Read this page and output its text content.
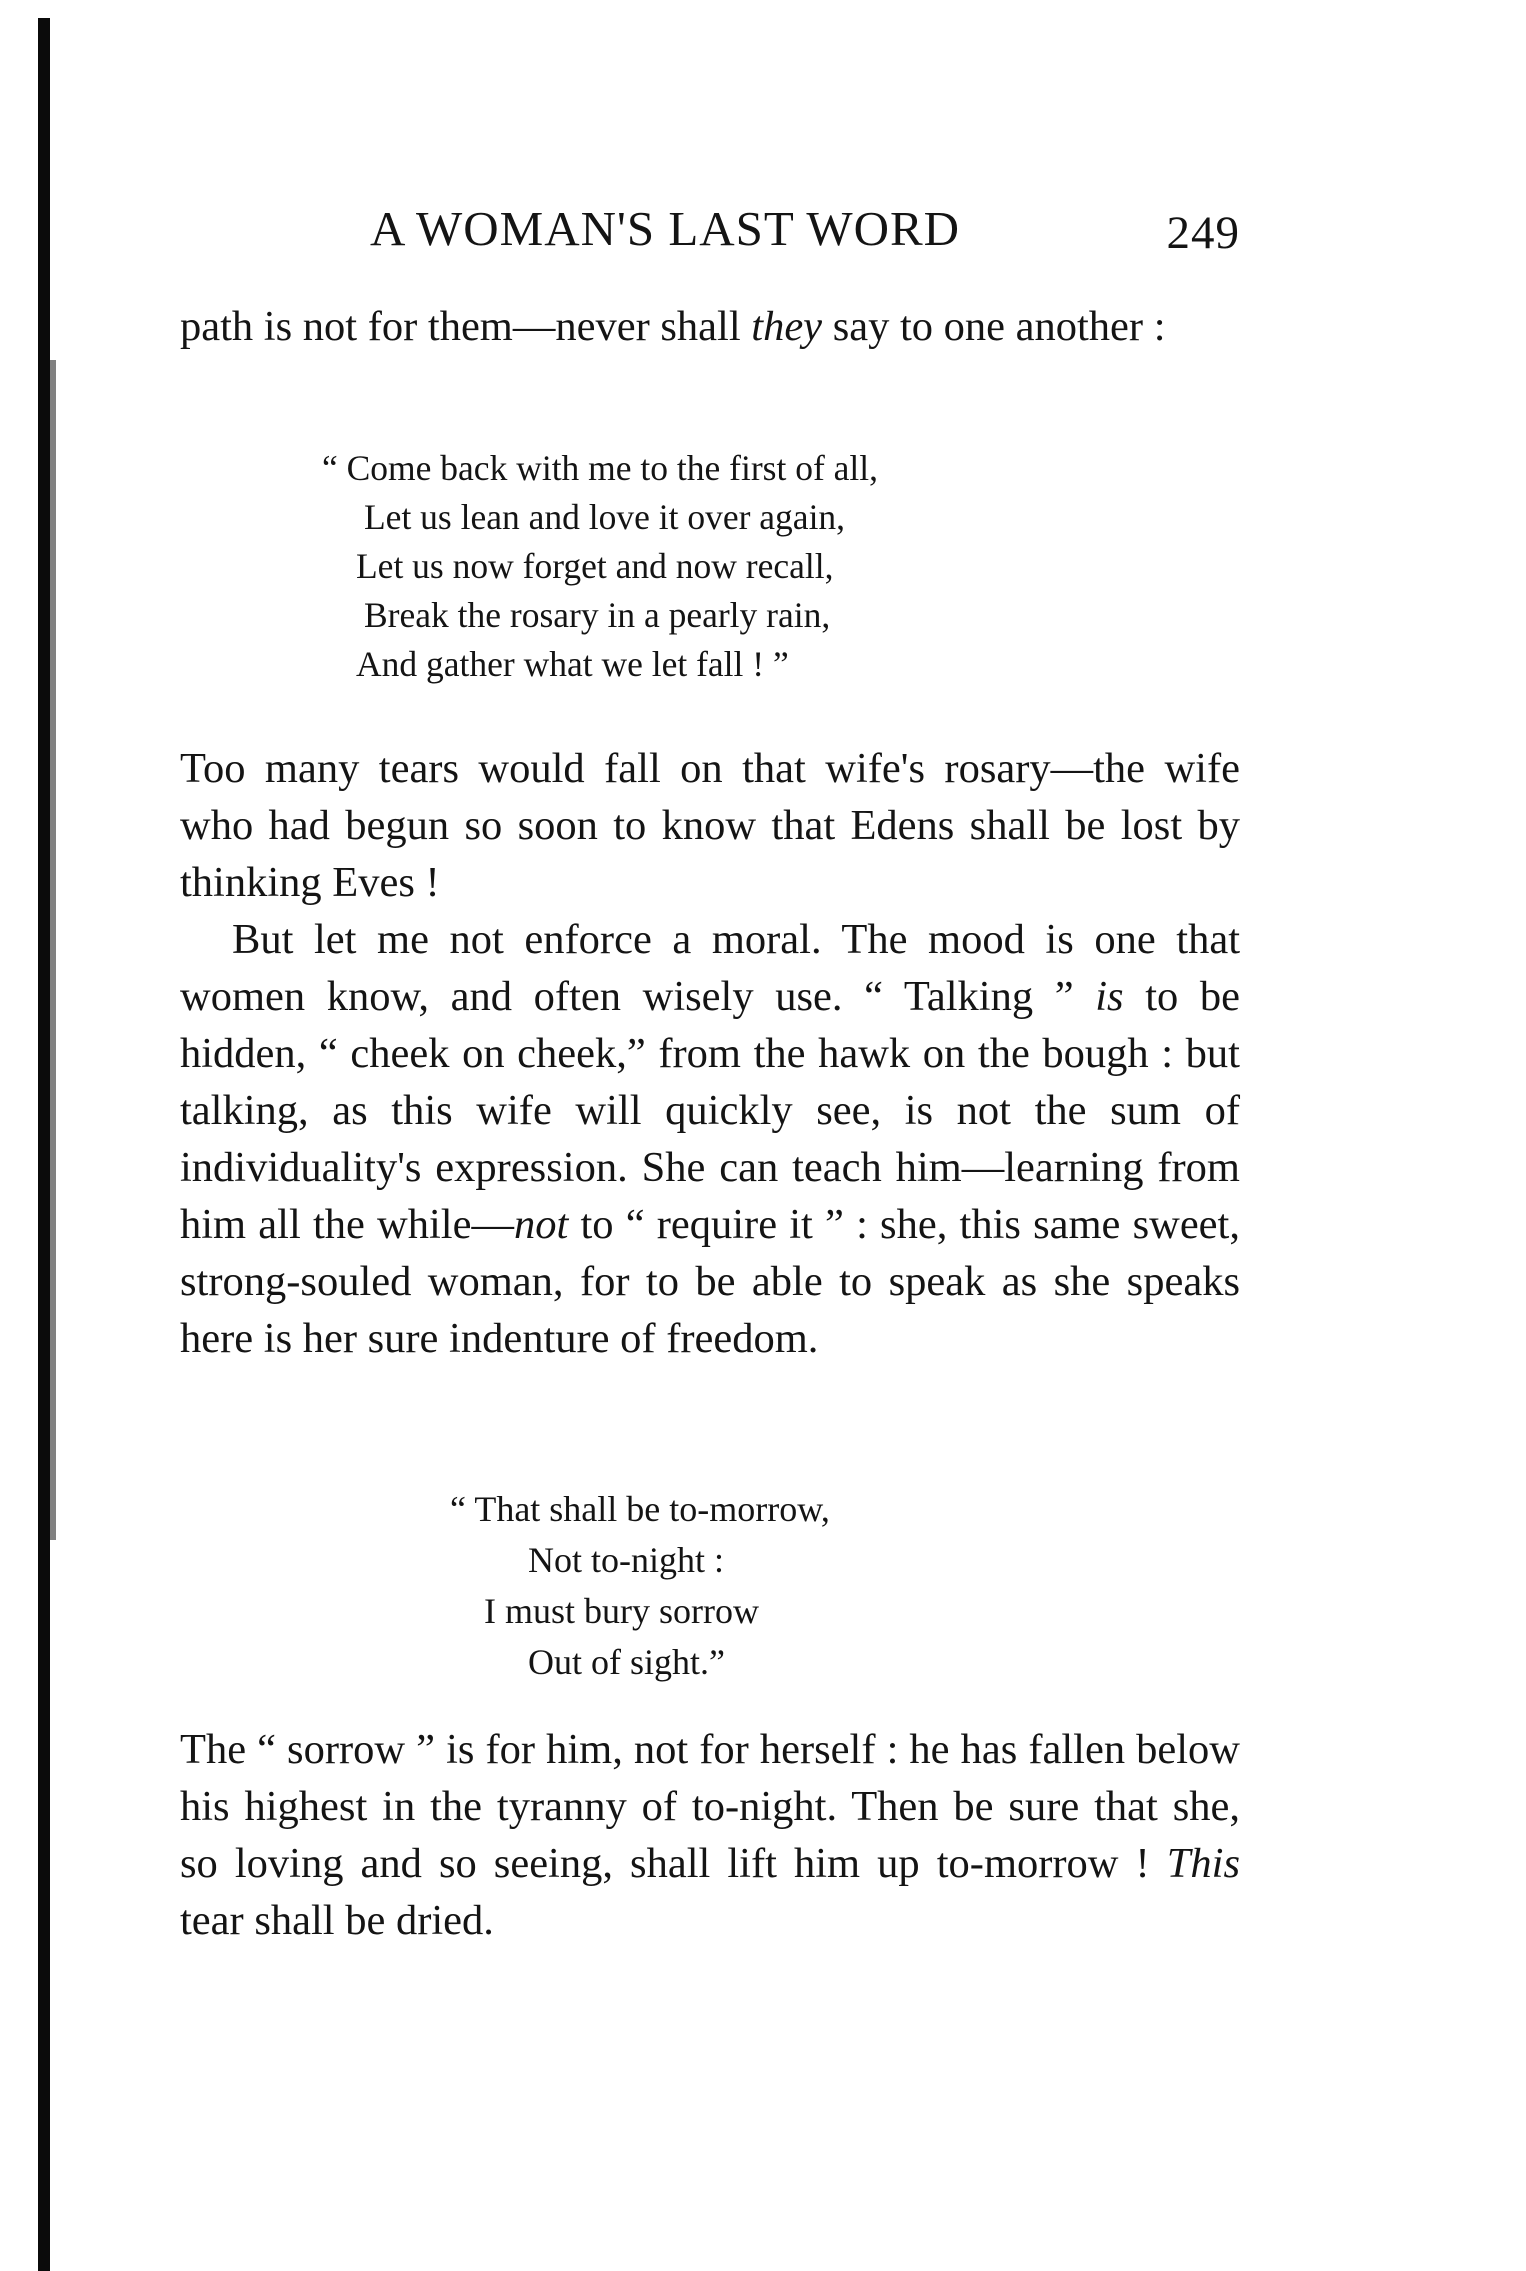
A WOMAN'S LAST WORD	249

path is not for them—never shall they say to one another :

“ Come back with me to the first of all,
Let us lean and love it over again,
Let us now forget and now recall,
Break the rosary in a pearly rain,
And gather what we let fall ! ”

Too many tears would fall on that wife's rosary—the wife who had begun so soon to know that Edens shall be lost by thinking Eves !

But let me not enforce a moral. The mood is one that women know, and often wisely use. “ Talking ” is to be hidden, “ cheek on cheek,” from the hawk on the bough : but talking, as this wife will quickly see, is not the sum of individuality's expression. She can teach him—learning from him all the while—not to “ require it ” : she, this same sweet, strong-souled woman, for to be able to speak as she speaks here is her sure indenture of freedom.

“ That shall be to-morrow,
Not to-night :
I must bury sorrow
Out of sight.”

The “ sorrow ” is for him, not for herself : he has fallen below his highest in the tyranny of to-night. Then be sure that she, so loving and so seeing, shall lift him up to-morrow ! This tear shall be dried.
